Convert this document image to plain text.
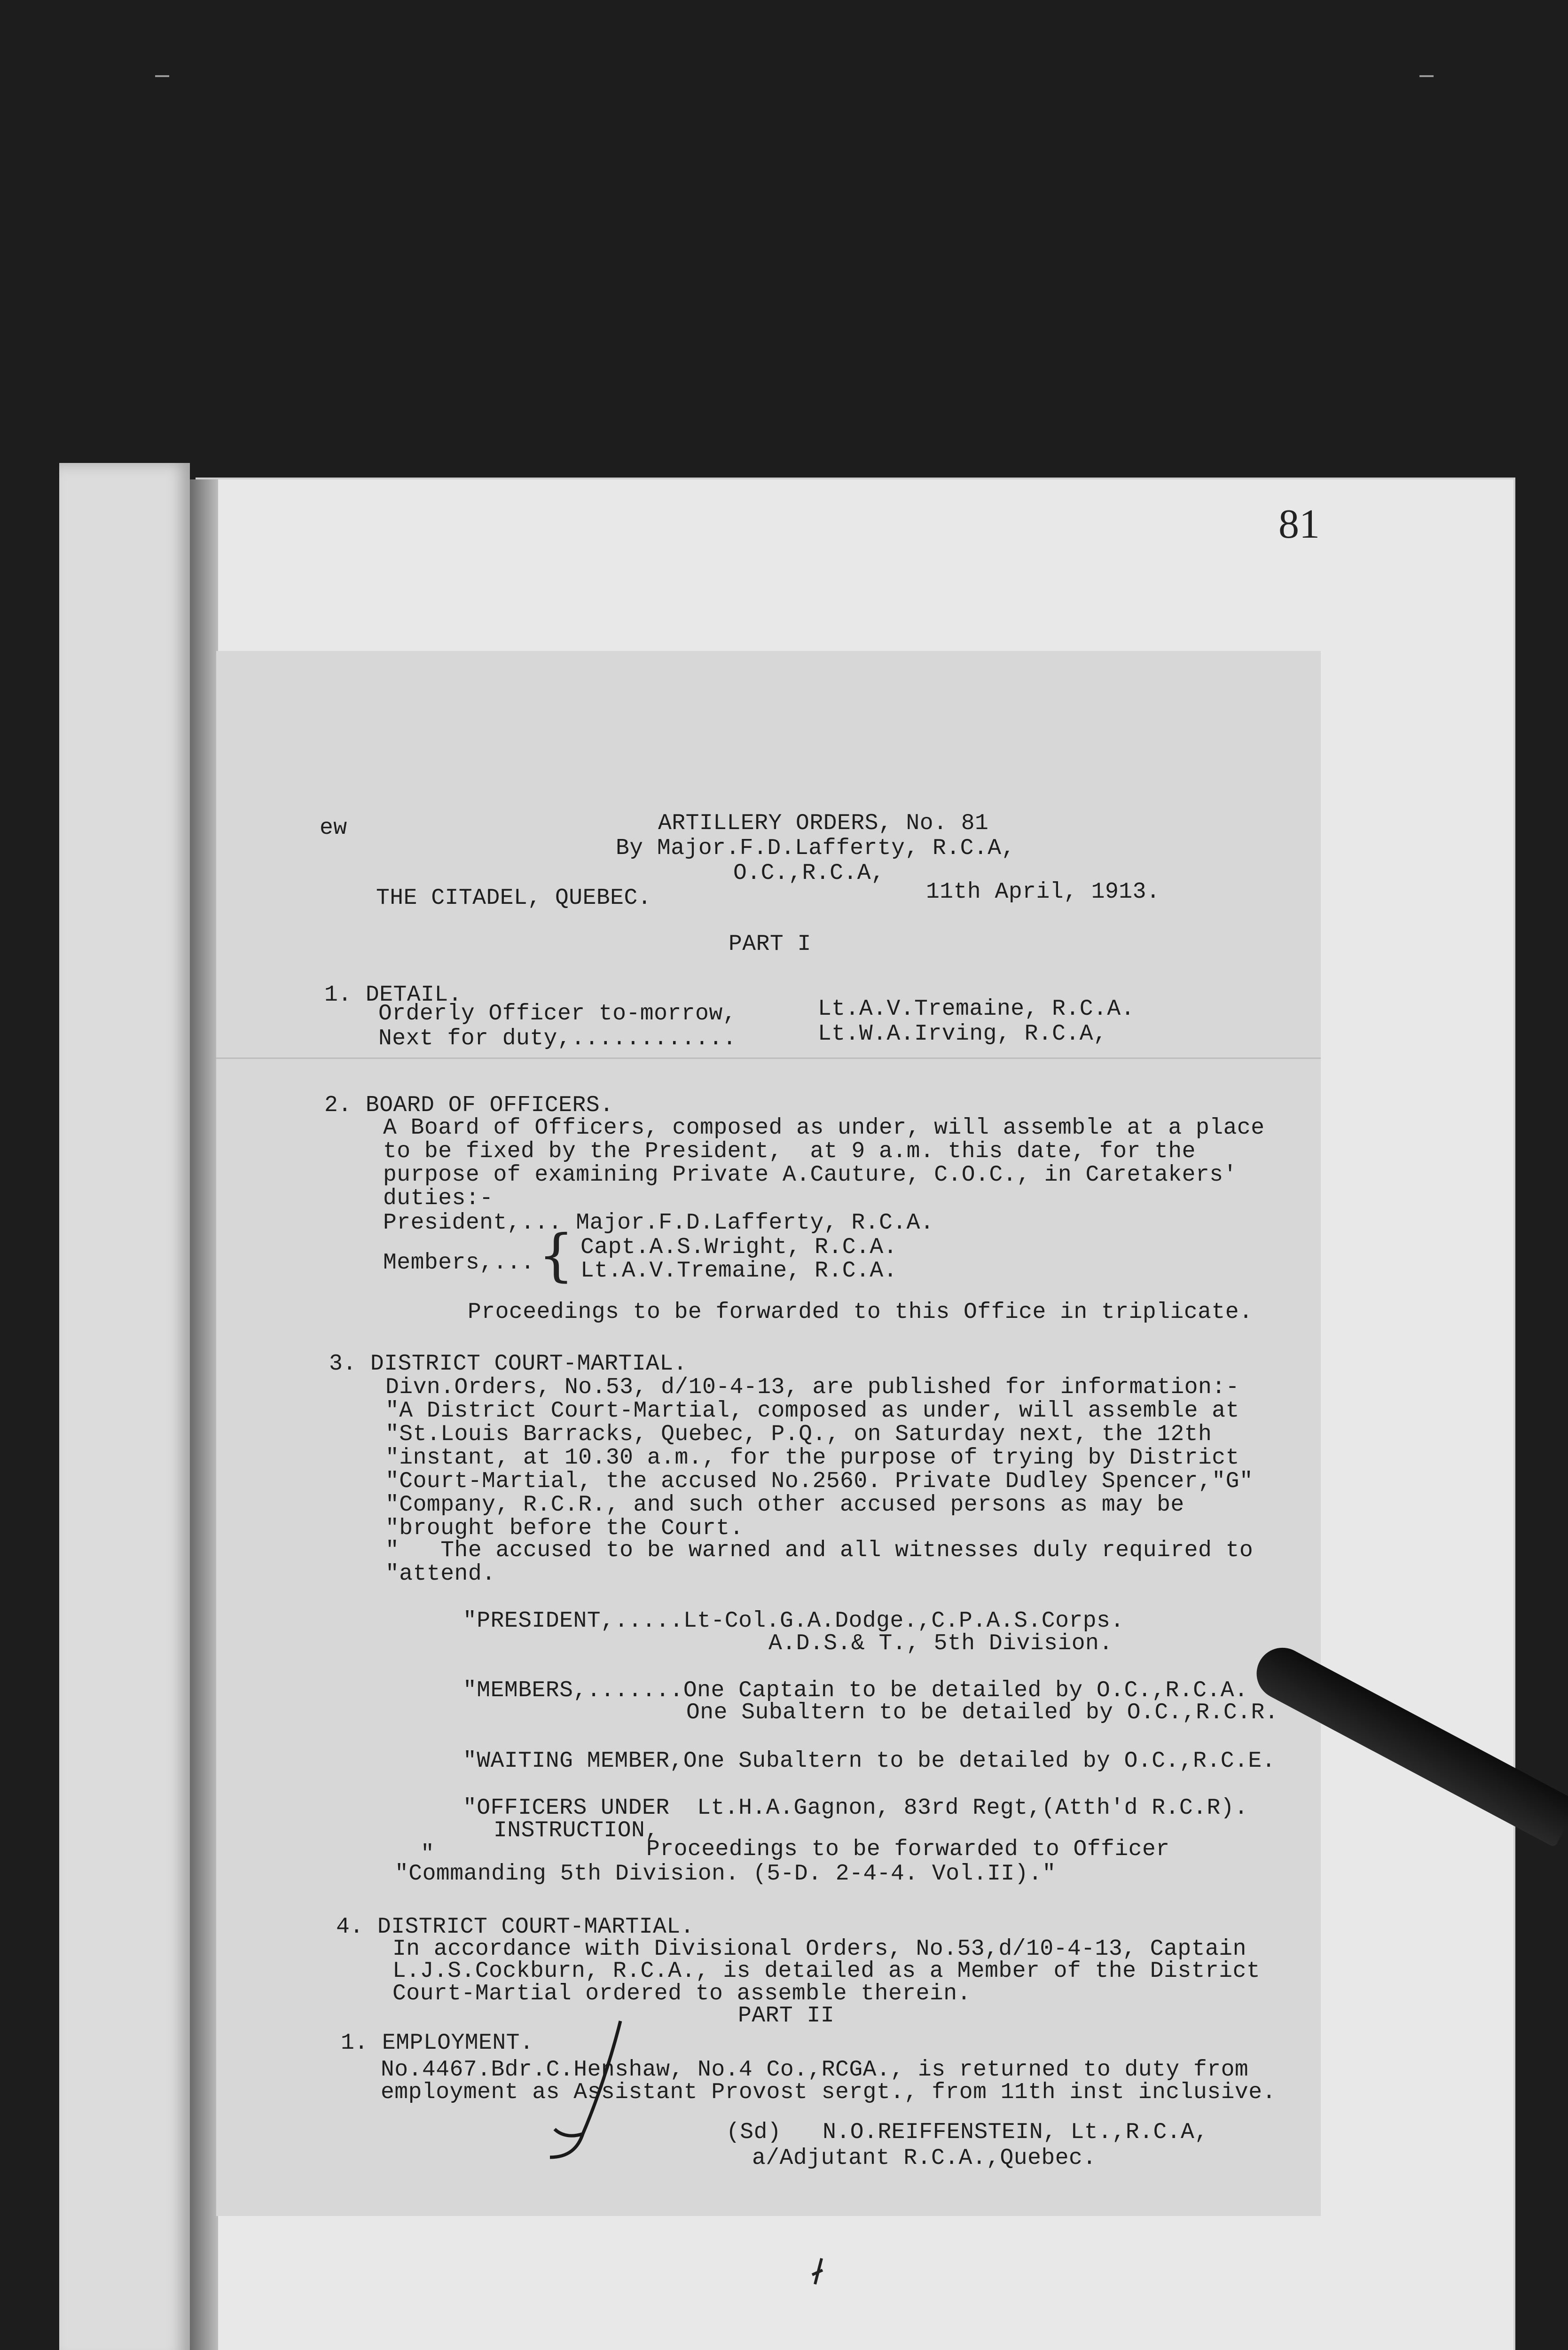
81
ew	ARTILLERY ORDERS, No. 81
By Major.F.D.Lafferty, R.C.A,
O.C.,R.C.A,
THE CITADEL, QUEBEC.	11th April, 1913.
PART I
1. DETAIL.
Orderly Officer to-morrow,	Lt.A.V.Tremaine, R.C.A.
Next for duty,............	Lt.W.A.Irving, R.C.A,
2. BOARD OF OFFICERS.
A Board of Officers, composed as under, will assemble at a place
to be fixed by the President,  at 9 a.m. this date, for the
purpose of examining Private A.Cauture, C.O.C., in Caretakers'
duties:-
President,... Major.F.D.Lafferty, R.C.A.
Members,... { Capt.A.S.Wright, R.C.A.
Lt.A.V.Tremaine, R.C.A.
Proceedings to be forwarded to this Office in triplicate.
3. DISTRICT COURT-MARTIAL.
Divn.Orders, No.53, d/10-4-13, are published for information:-
"A District Court-Martial, composed as under, will assemble at
"St.Louis Barracks, Quebec, P.Q., on Saturday next, the 12th
"instant, at 10.30 a.m., for the purpose of trying by District
"Court-Martial, the accused No.2560. Private Dudley Spencer,"G"
"Company, R.C.R., and such other accused persons as may be
"brought before the Court.
"   The accused to be warned and all witnesses duly required to
"attend.
"PRESIDENT,.....Lt-Col.G.A.Dodge.,C.P.A.S.Corps.
A.D.S.& T., 5th Division.
"MEMBERS,.......One Captain to be detailed by O.C.,R.C.A.
One Subaltern to be detailed by O.C.,R.C.R.
"WAITING MEMBER,One Subaltern to be detailed by O.C.,R.C.E.
"OFFICERS UNDER  Lt.H.A.Gagnon, 83rd Regt,(Atth'd R.C.R).
INSTRUCTION,
"	Proceedings to be forwarded to Officer
"Commanding 5th Division. (5-D. 2-4-4. Vol.II)."
4. DISTRICT COURT-MARTIAL.
In accordance with Divisional Orders, No.53,d/10-4-13, Captain
L.J.S.Cockburn, R.C.A., is detailed as a Member of the District
Court-Martial ordered to assemble therein.
PART II
1. EMPLOYMENT.
No.4467.Bdr.C.Henshaw, No.4 Co.,RCGA., is returned to duty from
employment as Assistant Provost sergt., from 11th inst inclusive.
(Sd)   N.O.REIFFENSTEIN, Lt.,R.C.A,
a/Adjutant R.C.A.,Quebec.
